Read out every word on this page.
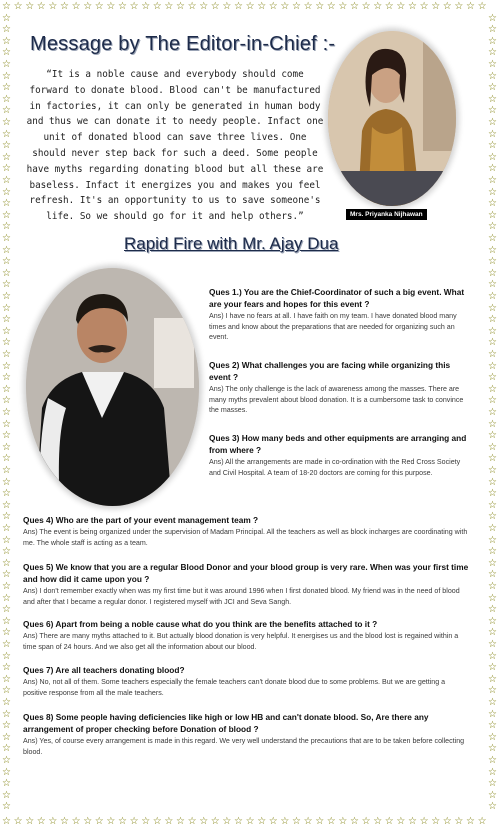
☆
☆
☆
☆
☆
☆
☆
☆
☆
☆
☆
☆
☆
☆
☆
☆
☆
☆
☆
☆
☆
☆
☆
☆
☆
☆
☆
☆
☆
☆
☆
☆
☆
☆
☆
☆
☆
☆
☆
☆
☆
☆
☆
☆
☆
☆
☆
☆
☆
☆
☆
☆
☆
☆
☆
☆
☆
☆
☆
☆
☆
☆
☆
☆
☆
☆
☆
☆
☆
☆
☆
☆
☆
☆
☆
☆
☆
☆
☆
☆
☆
☆
☆
☆
☆	☆
☆	☆
☆	☆
☆	☆
☆	☆
☆	☆
☆	☆
☆	☆
☆	☆
☆	☆
☆	☆
☆	☆
☆	☆
☆	☆
☆	☆
☆	☆
☆	☆
☆	☆
☆	☆
☆	☆
☆	☆
☆	☆
☆	☆
☆	☆
☆	☆
☆	☆
☆	☆
☆	☆
☆	☆
☆	☆
☆	☆
☆	☆
☆	☆
☆	☆
☆	☆
☆	☆
☆	☆
☆	☆
☆	☆
☆	☆
☆	☆
☆	☆
☆	☆
☆	☆
☆	☆
☆	☆
☆	☆
☆	☆
☆	☆
☆	☆
☆	☆
☆	☆
☆	☆
☆	☆
☆	☆
☆	☆
☆	☆
☆	☆
☆	☆
☆	☆
☆	☆
☆	☆
☆	☆
☆	☆
☆	☆
☆	☆
☆	☆
☆	☆
☆	☆
Message by The Editor-in-Chief :-
“It is a noble cause and everybody should come forward to donate blood. Blood can't be manufactured in factories, it can only be generated in human body and thus we can donate it to needy people. Infact one unit of donated blood can save three lives. One should never step back for such a deed. Some people have myths regarding donating blood but all these are baseless. Infact it energizes you and makes you feel refresh. It's an opportunity to us to save someone's life. So we should go for it and help others.”	Mrs. Priyanka Nijhawan
Rapid Fire with Mr. Ajay Dua
Ques 1.) You are the Chief-Coordinator of such a big event. What are your fears and hopes for this event ?
Ans) I have no fears at all. I have faith on my team. I have donated blood many times and know about the preparations that are needed for organizing such an event.
Ques 2) What challenges you are facing while organizing this event ?
Ans) The only challenge is the lack of awareness among the masses. There are many myths prevalent about blood donation. It is a cumbersome task to convince the masses.
Ques 3) How many beds and other equipments are arranging and from where ?
Ans) All the arrangements are made in co-ordination with the Red Cross Society and Civil Hospital. A team of 18-20 doctors are coming for this purpose.
Ques 4) Who are the part of your event management team ?
Ans) The event is being organized under the supervision of Madam Principal. All the teachers as well as block incharges are coordinating with me. The whole staff is acting as a team.
Ques 5) We know that you are a regular Blood Donor and your blood group is very rare. When was your first time and how did it came upon you ?
Ans) I don't remember exactly when was my first time but it was around 1996 when I first donated blood. My friend was in the need of blood and after that I became a regular donor. I registered myself with JCI and Seva Sangh.
Ques 6) Apart from being a noble cause what do you think are the benefits attached to it ?
Ans) There are many myths attached to it. But actually blood donation is very helpful. It energises us and the blood lost is regained within a time span of 24 hours. And we also get all the information about our blood.
Ques 7) Are all teachers donating blood?
Ans) No, not all of them. Some teachers especially the female teachers can't donate blood due to some problems. But we are getting a positive response from all the male teachers.
Ques 8) Some people having deficiencies like high or low HB and can't donate blood. So, Are there any arrangement of proper checking before Donation of blood ?
Ans) Yes, of course every arrangement is made in this regard. We very well understand the precautions that are to be taken before collecting blood.
